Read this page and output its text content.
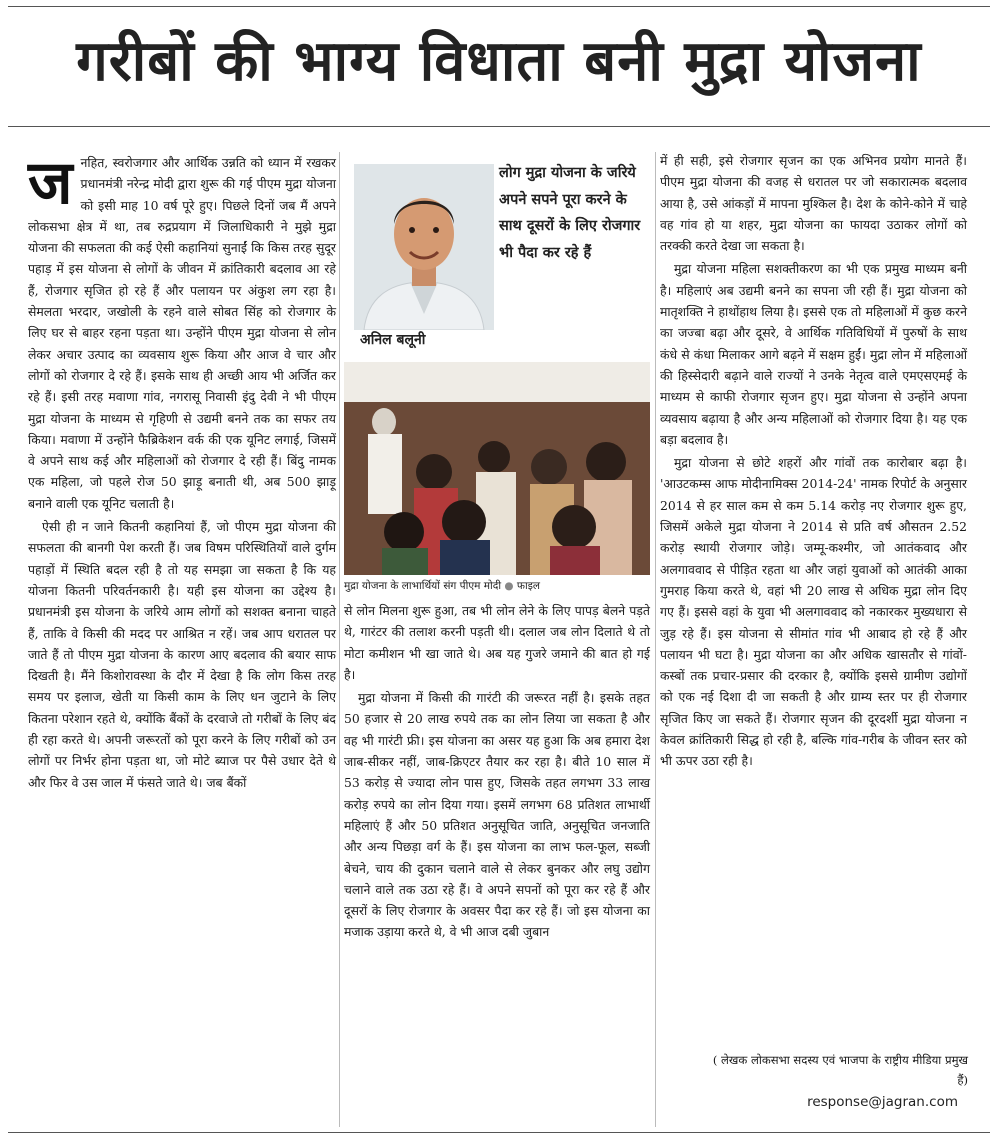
गरीबों की भाग्य विधाता बनी मुद्रा योजना
ज नहित, स्वरोजगार और आर्थिक उन्नति को ध्यान में रखकर प्रधानमंत्री नरेन्द्र मोदी द्वारा शुरू की गई पीएम मुद्रा योजना को इसी माह 10 वर्ष पूरे हुए। पिछले दिनों जब मैं अपने लोकसभा क्षेत्र में था, तब रुद्रप्रयाग में जिलाधिकारी ने मुझे मुद्रा योजना की सफलता की कई ऐसी कहानियां सुनाईं कि किस तरह सुदूर पहाड़ में इस योजना से लोगों के जीवन में क्रांतिकारी बदलाव आ रहे हैं, रोजगार सृजित हो रहे हैं और पलायन पर अंकुश लग रहा है। सेमलता भरदार, जखोली के रहने वाले सोबत सिंह को रोजगार के लिए घर से बाहर रहना पड़ता था। उन्होंने पीएम मुद्रा योजना से लोन लेकर अचार उत्पाद का व्यवसाय शुरू किया और आज वे चार और लोगों को रोजगार दे रहे हैं। इसके साथ ही अच्छी आय भी अर्जित कर रहे हैं। इसी तरह मवाणा गांव, नगरासू निवासी इंदु देवी ने भी पीएम मुद्रा योजना के माध्यम से गृहिणी से उद्यमी बनने तक का सफर तय किया। मवाणा में उन्होंने फैब्रिकेशन वर्क की एक यूनिट लगाई, जिसमें वे अपने साथ कई और महिलाओं को रोजगार दे रही हैं। बिंदु नामक एक महिला, जो पहले रोज 50 झाड़ू बनाती थी, अब 500 झाड़ू बनाने वाली एक यूनिट चलाती है।

ऐसी ही न जाने कितनी कहानियां हैं, जो पीएम मुद्रा योजना की सफलता की बानगी पेश करती हैं। जब विषम परिस्थितियों वाले दुर्गम पहाड़ों में स्थिति बदल रही है तो यह समझा जा सकता है कि यह योजना कितनी परिवर्तनकारी है। यही इस योजना का उद्देश्य है। प्रधानमंत्री इस योजना के जरिये आम लोगों को सशक्त बनाना चाहते हैं, ताकि वे किसी की मदद पर आश्रित न रहें। जब आप धरातल पर जाते हैं तो पीएम मुद्रा योजना के कारण आए बदलाव की बयार साफ दिखती है। मैंने किशोरावस्था के दौर में देखा है कि लोग किस तरह समय पर इलाज, खेती या किसी काम के लिए धन जुटाने के लिए कितना परेशान रहते थे, क्योंकि बैंकों के दरवाजे तो गरीबों के लिए बंद ही रहा करते थे। अपनी जरूरतों को पूरा करने के लिए गरीबों को उन लोगों पर निर्भर होना पड़ता था, जो मोटे ब्याज पर पैसे उधार देते थे और फिर वे उस जाल में फंसते जाते थे। जब बैंकों

लोग मुद्रा योजना के जरिये अपने सपने पूरा करने के साथ दूसरों के लिए रोजगार भी पैदा कर रहे हैं
अनिल बलूनी
मुद्रा योजना के लाभार्थियों संग पीएम मोदी ● फाइल

से लोन मिलना शुरू हुआ, तब भी लोन लेने के लिए पापड़ बेलने पड़ते थे, गारंटर की तलाश करनी पड़ती थी। दलाल जब लोन दिलाते थे तो मोटा कमीशन भी खा जाते थे। अब यह गुजरे जमाने की बात हो गई है।

मुद्रा योजना में किसी की गारंटी की जरूरत नहीं है। इसके तहत 50 हजार से 20 लाख रुपये तक का लोन लिया जा सकता है और वह भी गारंटी फ्री। इस योजना का असर यह हुआ कि अब हमारा देश जाब-सीकर नहीं, जाब-क्रिएटर तैयार कर रहा है। बीते 10 साल में 53 करोड़ से ज्यादा लोन पास हुए, जिसके तहत लगभग 33 लाख करोड़ रुपये का लोन दिया गया। इसमें लगभग 68 प्रतिशत लाभार्थी महिलाएं हैं और 50 प्रतिशत अनुसूचित जाति, अनुसूचित जनजाति और अन्य पिछड़ा वर्ग के हैं। इस योजना का लाभ फल-फूल, सब्जी बेचने, चाय की दुकान चलाने वाले से लेकर बुनकर और लघु उद्योग चलाने वाले तक उठा रहे हैं। वे अपने सपनों को पूरा कर रहे हैं और दूसरों के लिए रोजगार के अवसर पैदा कर रहे हैं। जो इस योजना का मजाक उड़ाया करते थे, वे भी आज दबी जुबान

में ही सही, इसे रोजगार सृजन का एक अभिनव प्रयोग मानते हैं। पीएम मुद्रा योजना की वजह से धरातल पर जो सकारात्मक बदलाव आया है, उसे आंकड़ों में मापना मुश्किल है। देश के कोने-कोने में चाहे वह गांव हो या शहर, मुद्रा योजना का फायदा उठाकर लोगों को तरक्की करते देखा जा सकता है।

मुद्रा योजना महिला सशक्तीकरण का भी एक प्रमुख माध्यम बनी है। महिलाएं अब उद्यमी बनने का सपना जी रही हैं। मुद्रा योजना को मातृशक्ति ने हाथोंहाथ लिया है। इससे एक तो महिलाओं में कुछ करने का जज्बा बढ़ा और दूसरे, वे आर्थिक गतिविधियों में पुरुषों के साथ कंधे से कंधा मिलाकर आगे बढ़ने में सक्षम हुईं। मुद्रा लोन में महिलाओं की हिस्सेदारी बढ़ाने वाले राज्यों ने उनके नेतृत्व वाले एमएसएमई के माध्यम से काफी रोजगार सृजन हुए। मुद्रा योजना से उन्होंने अपना व्यवसाय बढ़ाया है और अन्य महिलाओं को रोजगार दिया है। यह एक बड़ा बदलाव है।

मुद्रा योजना से छोटे शहरों और गांवों तक कारोबार बढ़ा है। 'आउटकम्स आफ मोदीनामिक्स 2014-24' नामक रिपोर्ट के अनुसार 2014 से हर साल कम से कम 5.14 करोड़ नए रोजगार शुरू हुए, जिसमें अकेले मुद्रा योजना ने 2014 से प्रति वर्ष औसतन 2.52 करोड़ स्थायी रोजगार जोड़े। जम्मू-कश्मीर, जो आतंकवाद और अलगाववाद से पीड़ित रहता था और जहां युवाओं को आतंकी आका गुमराह किया करते थे, वहां भी 20 लाख से अधिक मुद्रा लोन दिए गए हैं। इससे वहां के युवा भी अलगाववाद को नकारकर मुख्यधारा से जुड़ रहे हैं। इस योजना से सीमांत गांव भी आबाद हो रहे हैं और पलायन भी घटा है। मुद्रा योजना का और अधिक खासतौर से गांवों-कस्बों तक प्रचार-प्रसार की दरकार है, क्योंकि इससे ग्रामीण उद्योगों को एक नई दिशा दी जा सकती है और ग्राम्य स्तर पर ही रोजगार सृजित किए जा सकते हैं। रोजगार सृजन की दूरदर्शी मुद्रा योजना न केवल क्रांतिकारी सिद्ध हो रही है, बल्कि गांव-गरीब के जीवन स्तर को भी ऊपर उठा रही है।

( लेखक लोकसभा सदस्य एवं भाजपा के राष्ट्रीय मीडिया प्रमुख हैं)
response@jagran.com
